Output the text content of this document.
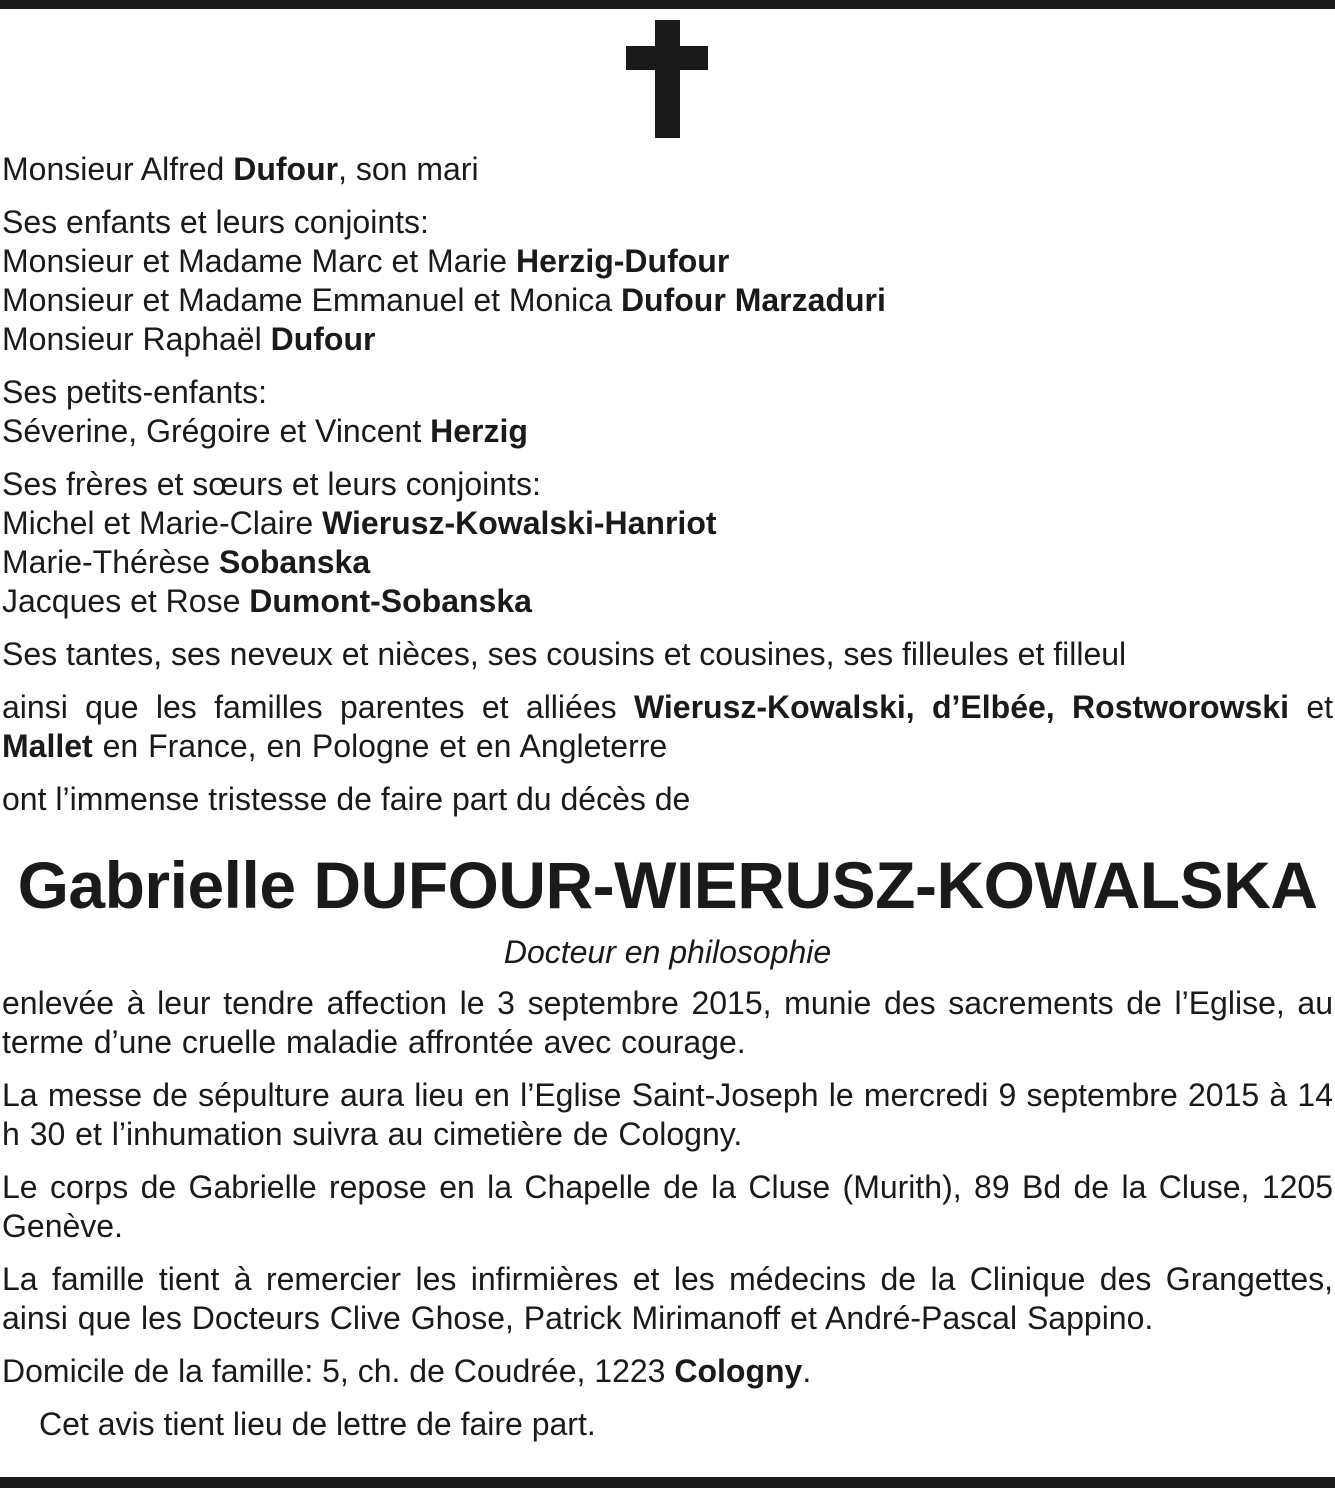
Monsieur Alfred Dufour, son mari
Ses enfants et leurs conjoints:
Monsieur et Madame Marc et Marie Herzig-Dufour
Monsieur et Madame Emmanuel et Monica Dufour Marzaduri
Monsieur Raphaël Dufour
Ses petits-enfants:
Séverine, Grégoire et Vincent Herzig
Ses frères et sœurs et leurs conjoints:
Michel et Marie-Claire Wierusz-Kowalski-Hanriot
Marie-Thérèse Sobanska
Jacques et Rose Dumont-Sobanska
Ses tantes, ses neveux et nièces, ses cousins et cousines, ses filleules et filleul
ainsi que les familles parentes et alliées Wierusz-Kowalski, d’Elbée, Rostworowski et Mallet en France, en Pologne et en Angleterre
ont l’immense tristesse de faire part du décès de
Gabrielle DUFOUR-WIERUSZ-KOWALSKA
Docteur en philosophie
enlevée à leur tendre affection le 3 septembre 2015, munie des sacrements de l’Eglise, au terme d’une cruelle maladie affrontée avec courage.
La messe de sépulture aura lieu en l’Eglise Saint-Joseph le mercredi 9 septembre 2015 à 14 h 30 et l’inhumation suivra au cimetière de Cologny.
Le corps de Gabrielle repose en la Chapelle de la Cluse (Murith), 89 Bd de la Cluse, 1205 Genève.
La famille tient à remercier les infirmières et les médecins de la Clinique des Grangettes, ainsi que les Docteurs Clive Ghose, Patrick Mirimanoff et André-Pascal Sappino.
Domicile de la famille: 5, ch. de Coudrée, 1223 Cologny.
Cet avis tient lieu de lettre de faire part.
